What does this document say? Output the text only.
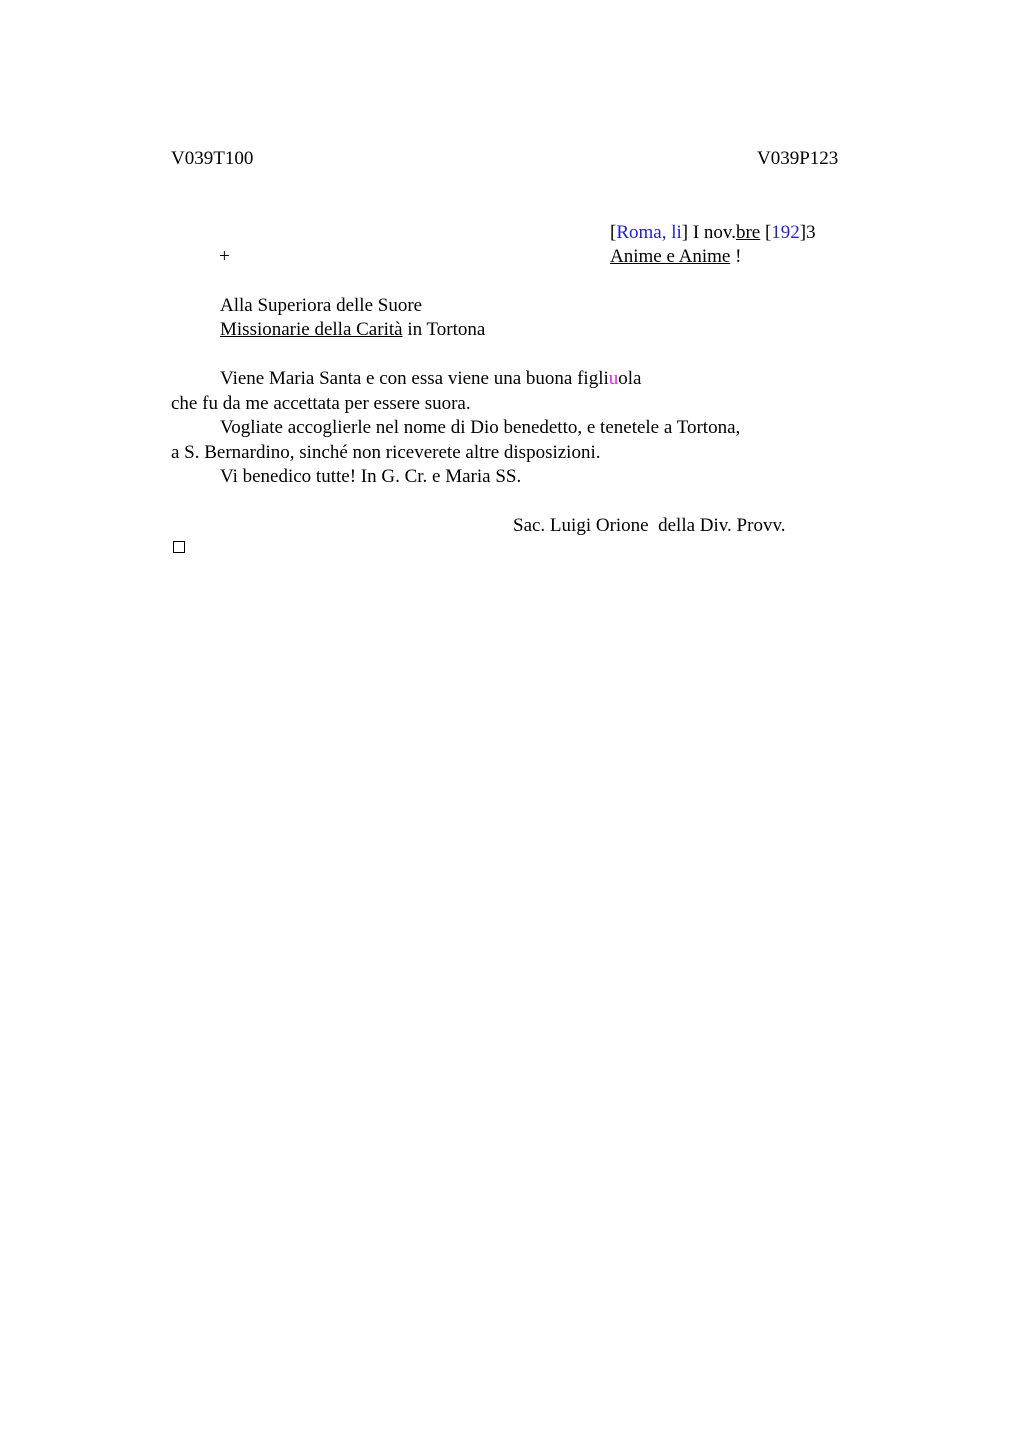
V039T100	V039P123
[Roma, li] I nov.bre [192]3
+	Anime e Anime !
Alla Superiora delle Suore
Missionarie della Carità in Tortona
Viene Maria Santa e con essa viene una buona figliuola
che fu da me accettata per essere suora.
Vogliate accoglierle nel nome di Dio benedetto, e tenetele a Tortona,
a S. Bernardino, sinché non riceverete altre disposizioni.
Vi benedico tutte! In G. Cr. e Maria SS.
Sac. Luigi Orione  della Div. Provv.
